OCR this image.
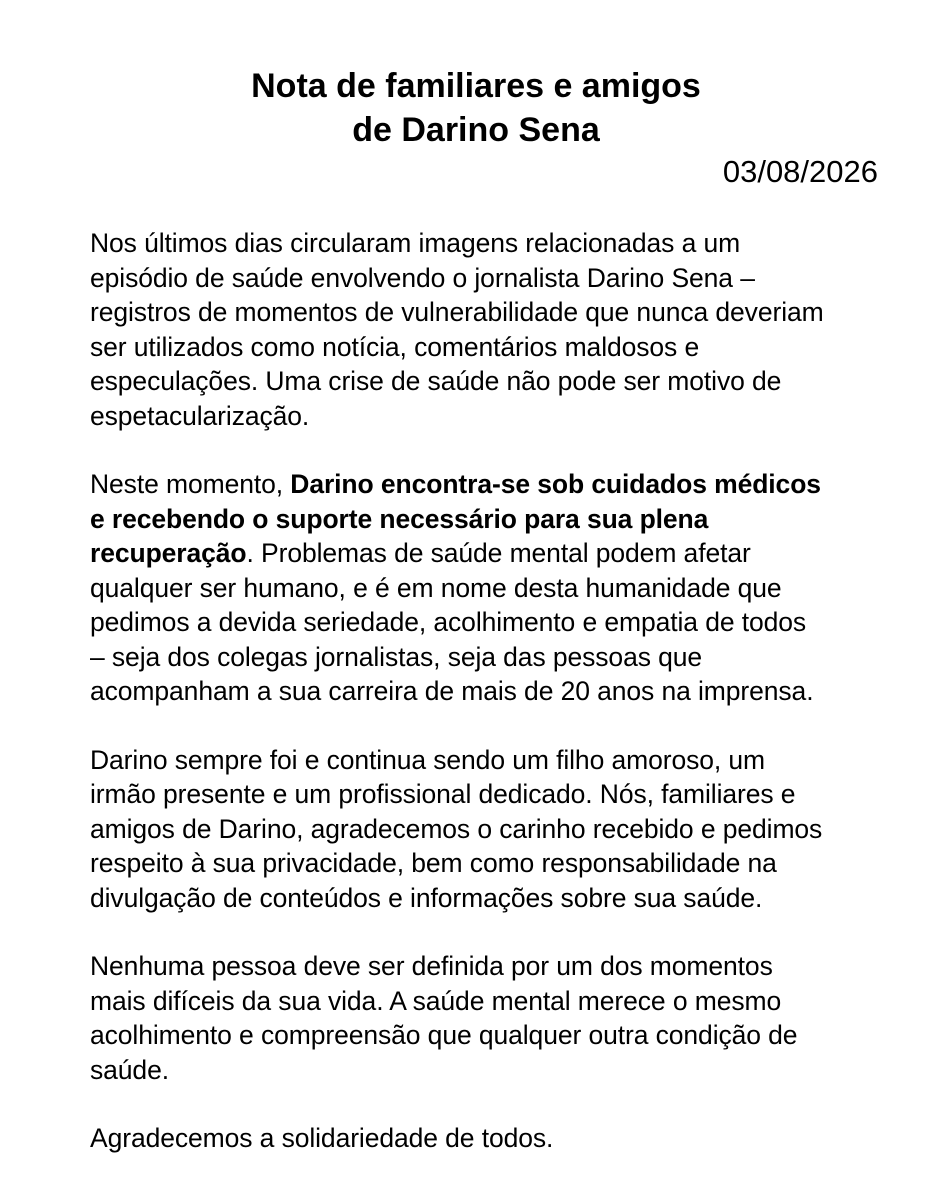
Nota de familiares e amigos
de Darino Sena

03/08/2026

Nos últimos dias circularam imagens relacionadas a um
episódio de saúde envolvendo o jornalista Darino Sena –
registros de momentos de vulnerabilidade que nunca deveriam
ser utilizados como notícia, comentários maldosos e
especulações. Uma crise de saúde não pode ser motivo de
espetacularização.

Neste momento, Darino encontra-se sob cuidados médicos
e recebendo o suporte necessário para sua plena
recuperação. Problemas de saúde mental podem afetar
qualquer ser humano, e é em nome desta humanidade que
pedimos a devida seriedade, acolhimento e empatia de todos
– seja dos colegas jornalistas, seja das pessoas que
acompanham a sua carreira de mais de 20 anos na imprensa.

Darino sempre foi e continua sendo um filho amoroso, um
irmão presente e um profissional dedicado. Nós, familiares e
amigos de Darino, agradecemos o carinho recebido e pedimos
respeito à sua privacidade, bem como responsabilidade na
divulgação de conteúdos e informações sobre sua saúde.

Nenhuma pessoa deve ser definida por um dos momentos
mais difíceis da sua vida. A saúde mental merece o mesmo
acolhimento e compreensão que qualquer outra condição de
saúde.

Agradecemos a solidariedade de todos.
